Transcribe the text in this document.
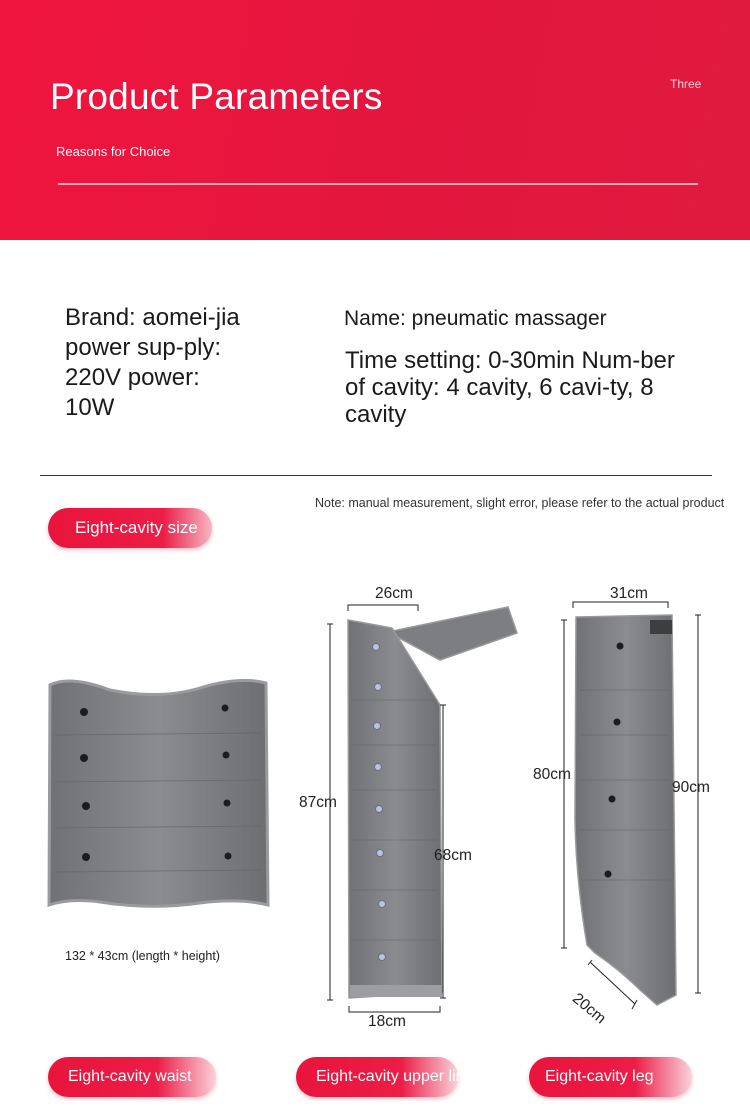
Product Parameters
Reasons for Choice
Three
Brand: aomei-jia power sup-ply: 220V power: 10W
Name: pneumatic massager
Time setting: 0-30min Num-ber of cavity: 4 cavity, 6 cavi-ty, 8 cavity
Note: manual measurement, slight error, please refer to the actual product
Eight-cavity size
132 * 43cm (length * height)
26cm
87cm
68cm
18cm
31cm
80cm
90cm
20cm
Eight-cavity waist	Eight-cavity upper limb	Eight-cavity leg
